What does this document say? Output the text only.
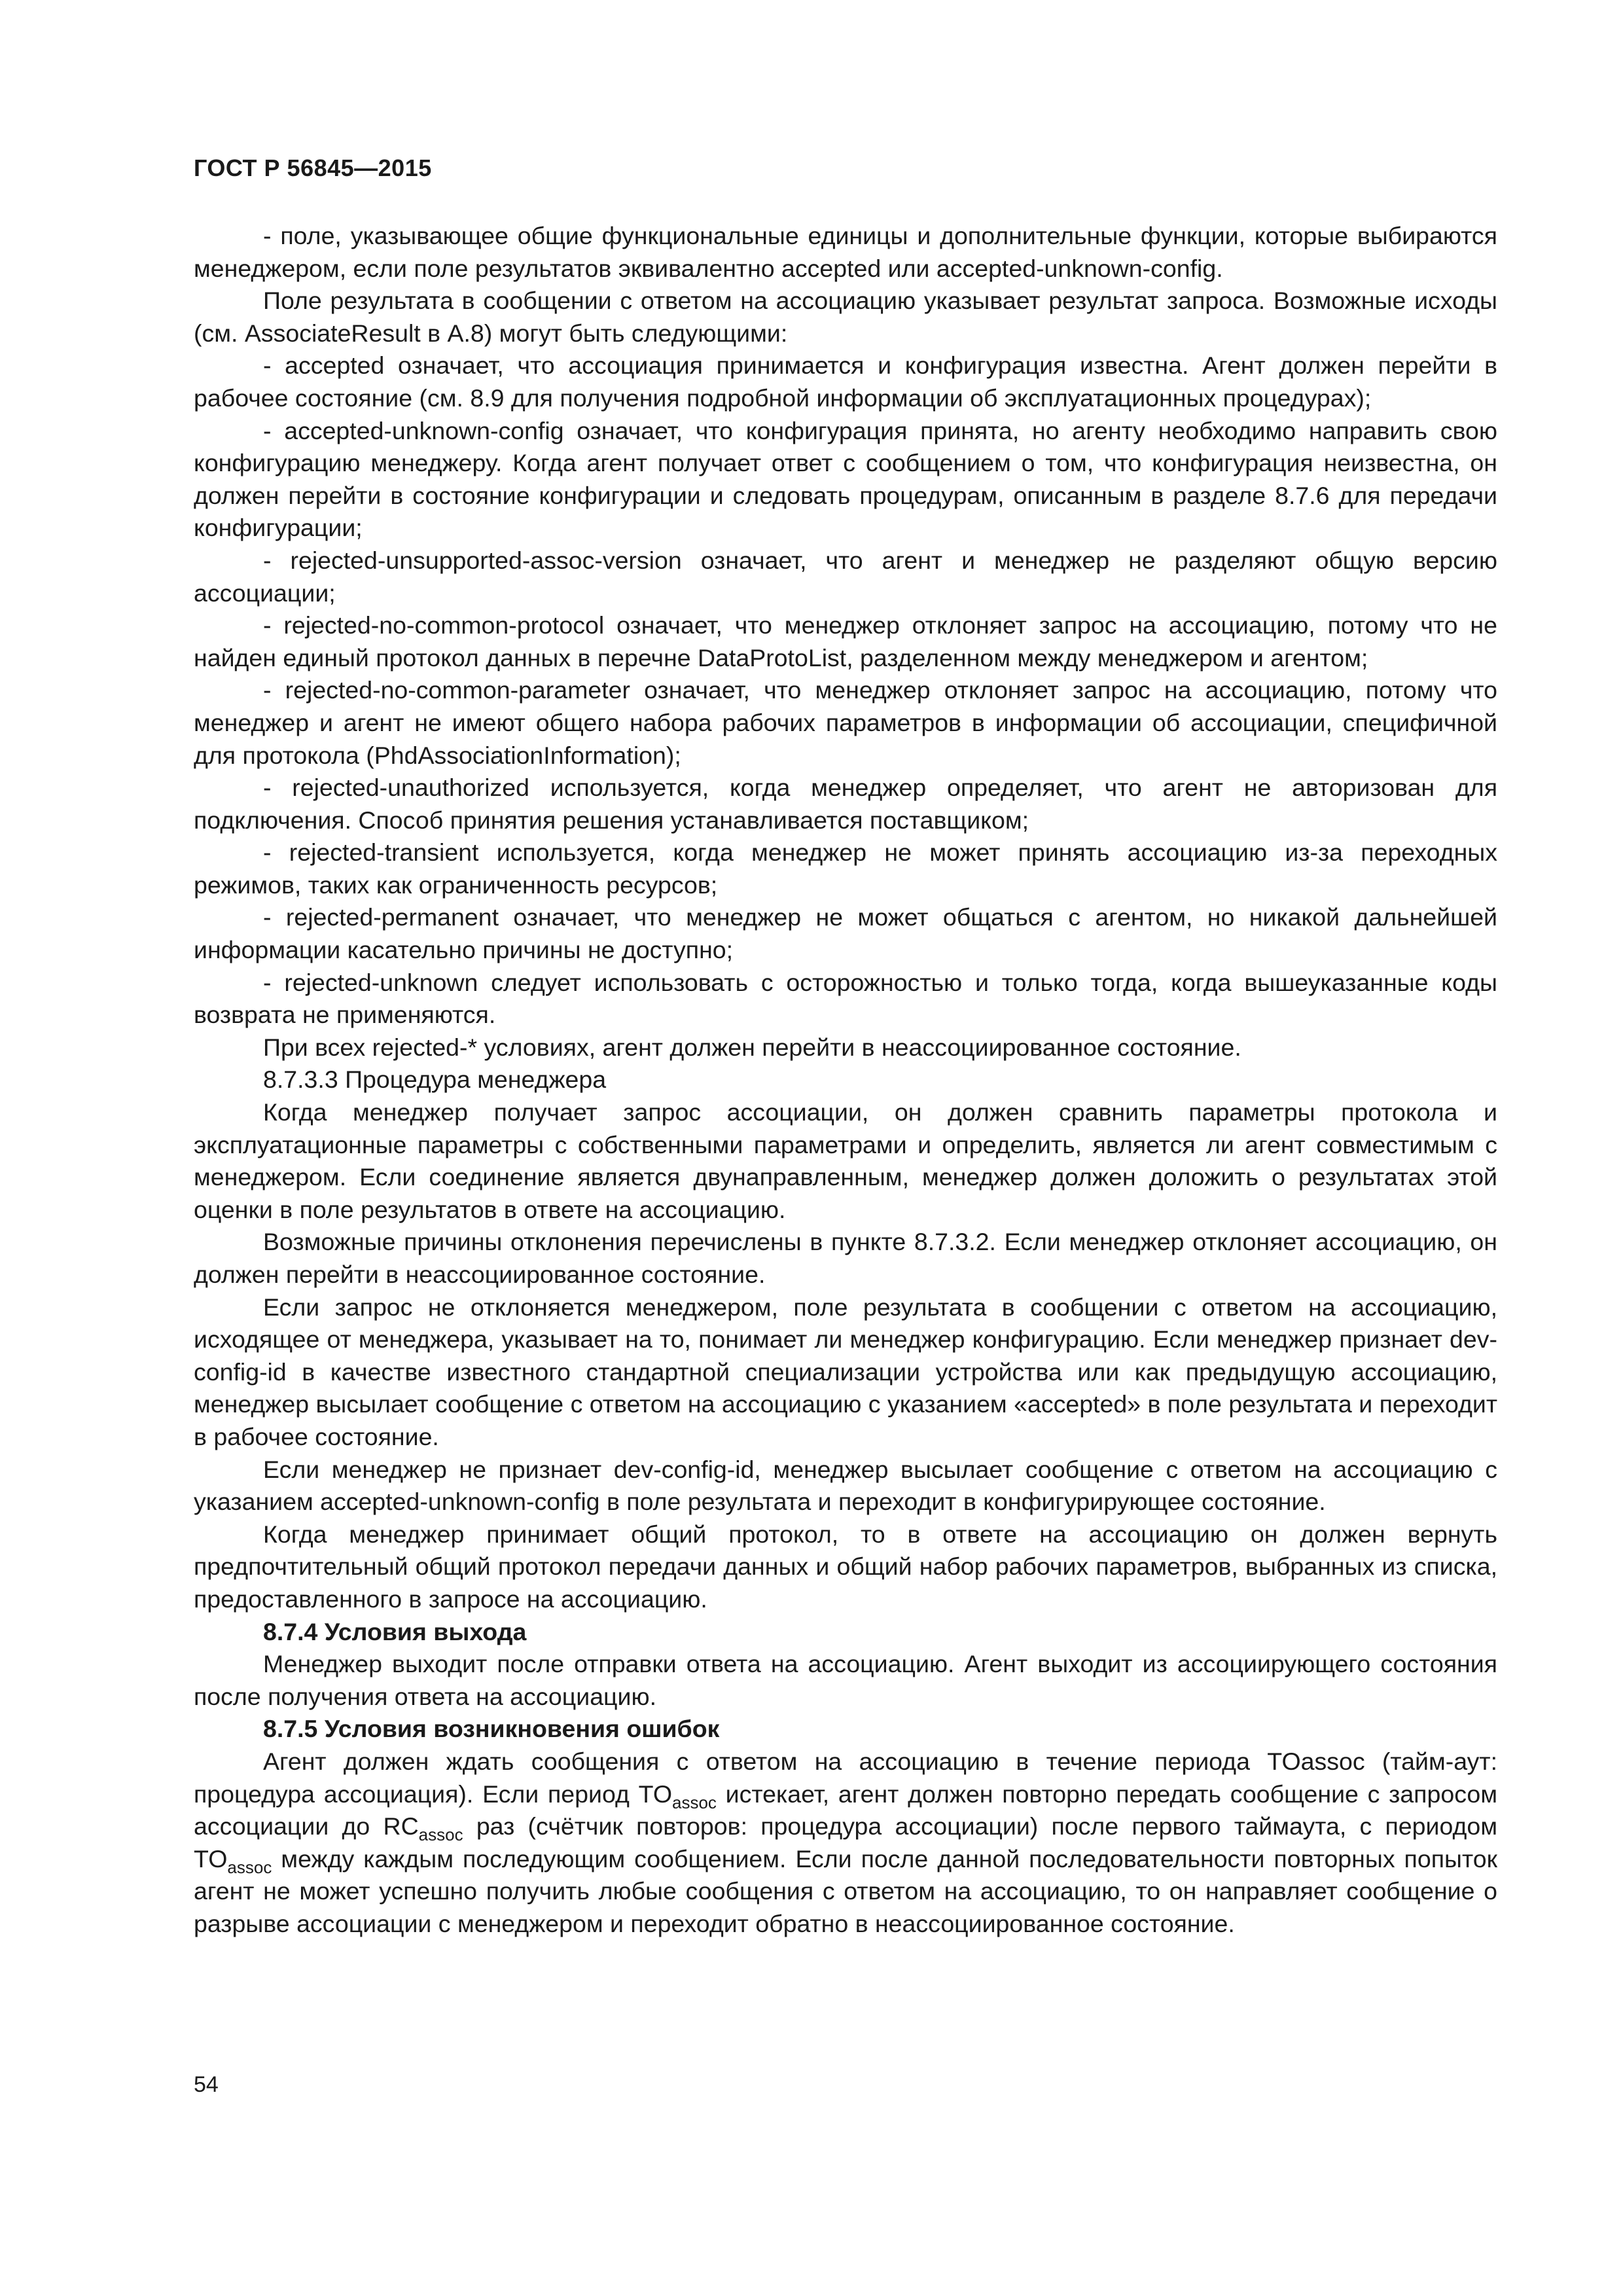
ГОСТ Р 56845—2015

- поле, указывающее общие функциональные единицы и дополнительные функции, которые выбираются менеджером, если поле результатов эквивалентно accepted или accepted-unknown-config.

Поле результата в сообщении с ответом на ассоциацию указывает результат запроса. Возможные исходы (см. AssociateResult в A.8) могут быть следующими:

- accepted означает, что ассоциация принимается и конфигурация известна. Агент должен перейти в рабочее состояние (см. 8.9 для получения подробной информации об эксплуатационных процедурах);

- accepted-unknown-config означает, что конфигурация принята, но агенту необходимо направить свою конфигурацию менеджеру. Когда агент получает ответ с сообщением о том, что конфигурация неизвестна, он должен перейти в состояние конфигурации и следовать процедурам, описанным в разделе 8.7.6 для передачи конфигурации;

- rejected-unsupported-assoc-version означает, что агент и менеджер не разделяют общую версию ассоциации;

- rejected-no-common-protocol означает, что менеджер отклоняет запрос на ассоциацию, потому что не найден единый протокол данных в перечне DataProtoList, разделенном между менеджером и агентом;

- rejected-no-common-parameter означает, что менеджер отклоняет запрос на ассоциацию, потому что менеджер и агент не имеют общего набора рабочих параметров в информации об ассоциации, специфичной для протокола (PhdAssociationInformation);

- rejected-unauthorized используется, когда менеджер определяет, что агент не авторизован для подключения. Способ принятия решения устанавливается поставщиком;

- rejected-transient используется, когда менеджер не может принять ассоциацию из-за переходных режимов, таких как ограниченность ресурсов;

- rejected-permanent означает, что менеджер не может общаться с агентом, но никакой дальнейшей информации касательно причины не доступно;

- rejected-unknown следует использовать с осторожностью и только тогда, когда вышеуказанные коды возврата не применяются.

При всех rejected-* условиях, агент должен перейти в неассоциированное состояние.

8.7.3.3 Процедура менеджера

Когда менеджер получает запрос ассоциации, он должен сравнить параметры протокола и эксплуатационные параметры с собственными параметрами и определить, является ли агент совместимым с менеджером. Если соединение является двунаправленным, менеджер должен доложить о результатах этой оценки в поле результатов в ответе на ассоциацию.

Возможные причины отклонения перечислены в пункте 8.7.3.2. Если менеджер отклоняет ассоциацию, он должен перейти в неассоциированное состояние.

Если запрос не отклоняется менеджером, поле результата в сообщении с ответом на ассоциацию, исходящее от менеджера, указывает на то, понимает ли менеджер конфигурацию. Если менеджер признает dev-config-id в качестве известного стандартной специализации устройства или как предыдущую ассоциацию, менеджер высылает сообщение с ответом на ассоциацию с указанием «accepted» в поле результата и переходит в рабочее состояние.

Если менеджер не признает dev-config-id, менеджер высылает сообщение с ответом на ассоциацию с указанием accepted-unknown-config в поле результата и переходит в конфигурирующее состояние.

Когда менеджер принимает общий протокол, то в ответе на ассоциацию он должен вернуть предпочтительный общий протокол передачи данных и общий набор рабочих параметров, выбранных из списка, предоставленного в запросе на ассоциацию.

8.7.4 Условия выхода

Менеджер выходит после отправки ответа на ассоциацию. Агент выходит из ассоциирующего состояния после получения ответа на ассоциацию.

8.7.5 Условия возникновения ошибок

Агент должен ждать сообщения с ответом на ассоциацию в течение периода TOassoc (тайм-аут: процедура ассоциация). Если период $TO_{assoc}$ истекает, агент должен повторно передать сообщение с запросом ассоциации до $RC_{assoc}$ раз (счётчик повторов: процедура ассоциации) после первого таймаута, с периодом $TO_{assoc}$ между каждым последующим сообщением. Если после данной последовательности повторных попыток агент не может успешно получить любые сообщения с ответом на ассоциацию, то он направляет сообщение о разрыве ассоциации с менеджером и переходит обратно в неассоциированное состояние.

54
